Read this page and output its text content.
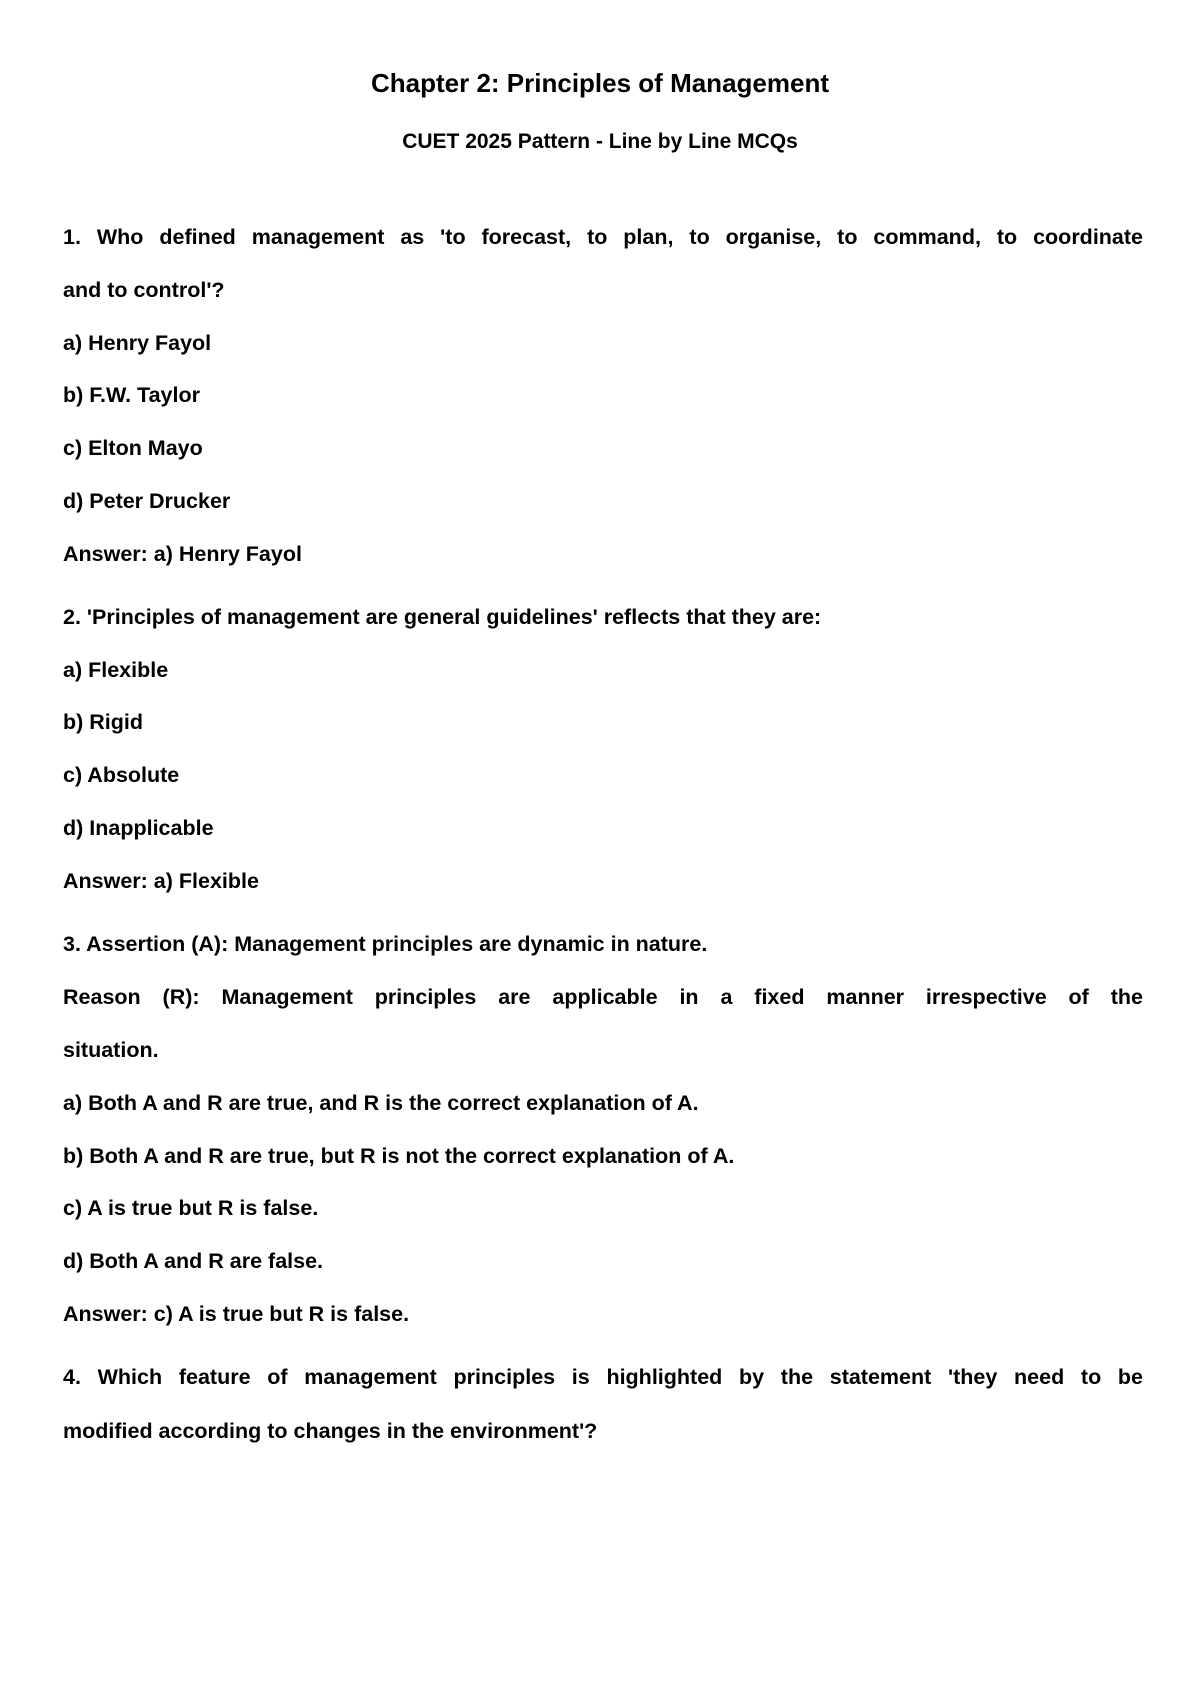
Chapter 2: Principles of Management
CUET 2025 Pattern - Line by Line MCQs
1. Who defined management as 'to forecast, to plan, to organise, to command, to coordinate
and to control'?
a) Henry Fayol
b) F.W. Taylor
c) Elton Mayo
d) Peter Drucker
Answer: a) Henry Fayol
2. 'Principles of management are general guidelines' reflects that they are:
a) Flexible
b) Rigid
c) Absolute
d) Inapplicable
Answer: a) Flexible
3. Assertion (A): Management principles are dynamic in nature.
Reason (R): Management principles are applicable in a fixed manner irrespective of the
situation.
a) Both A and R are true, and R is the correct explanation of A.
b) Both A and R are true, but R is not the correct explanation of A.
c) A is true but R is false.
d) Both A and R are false.
Answer: c) A is true but R is false.
4. Which feature of management principles is highlighted by the statement 'they need to be
modified according to changes in the environment'?
